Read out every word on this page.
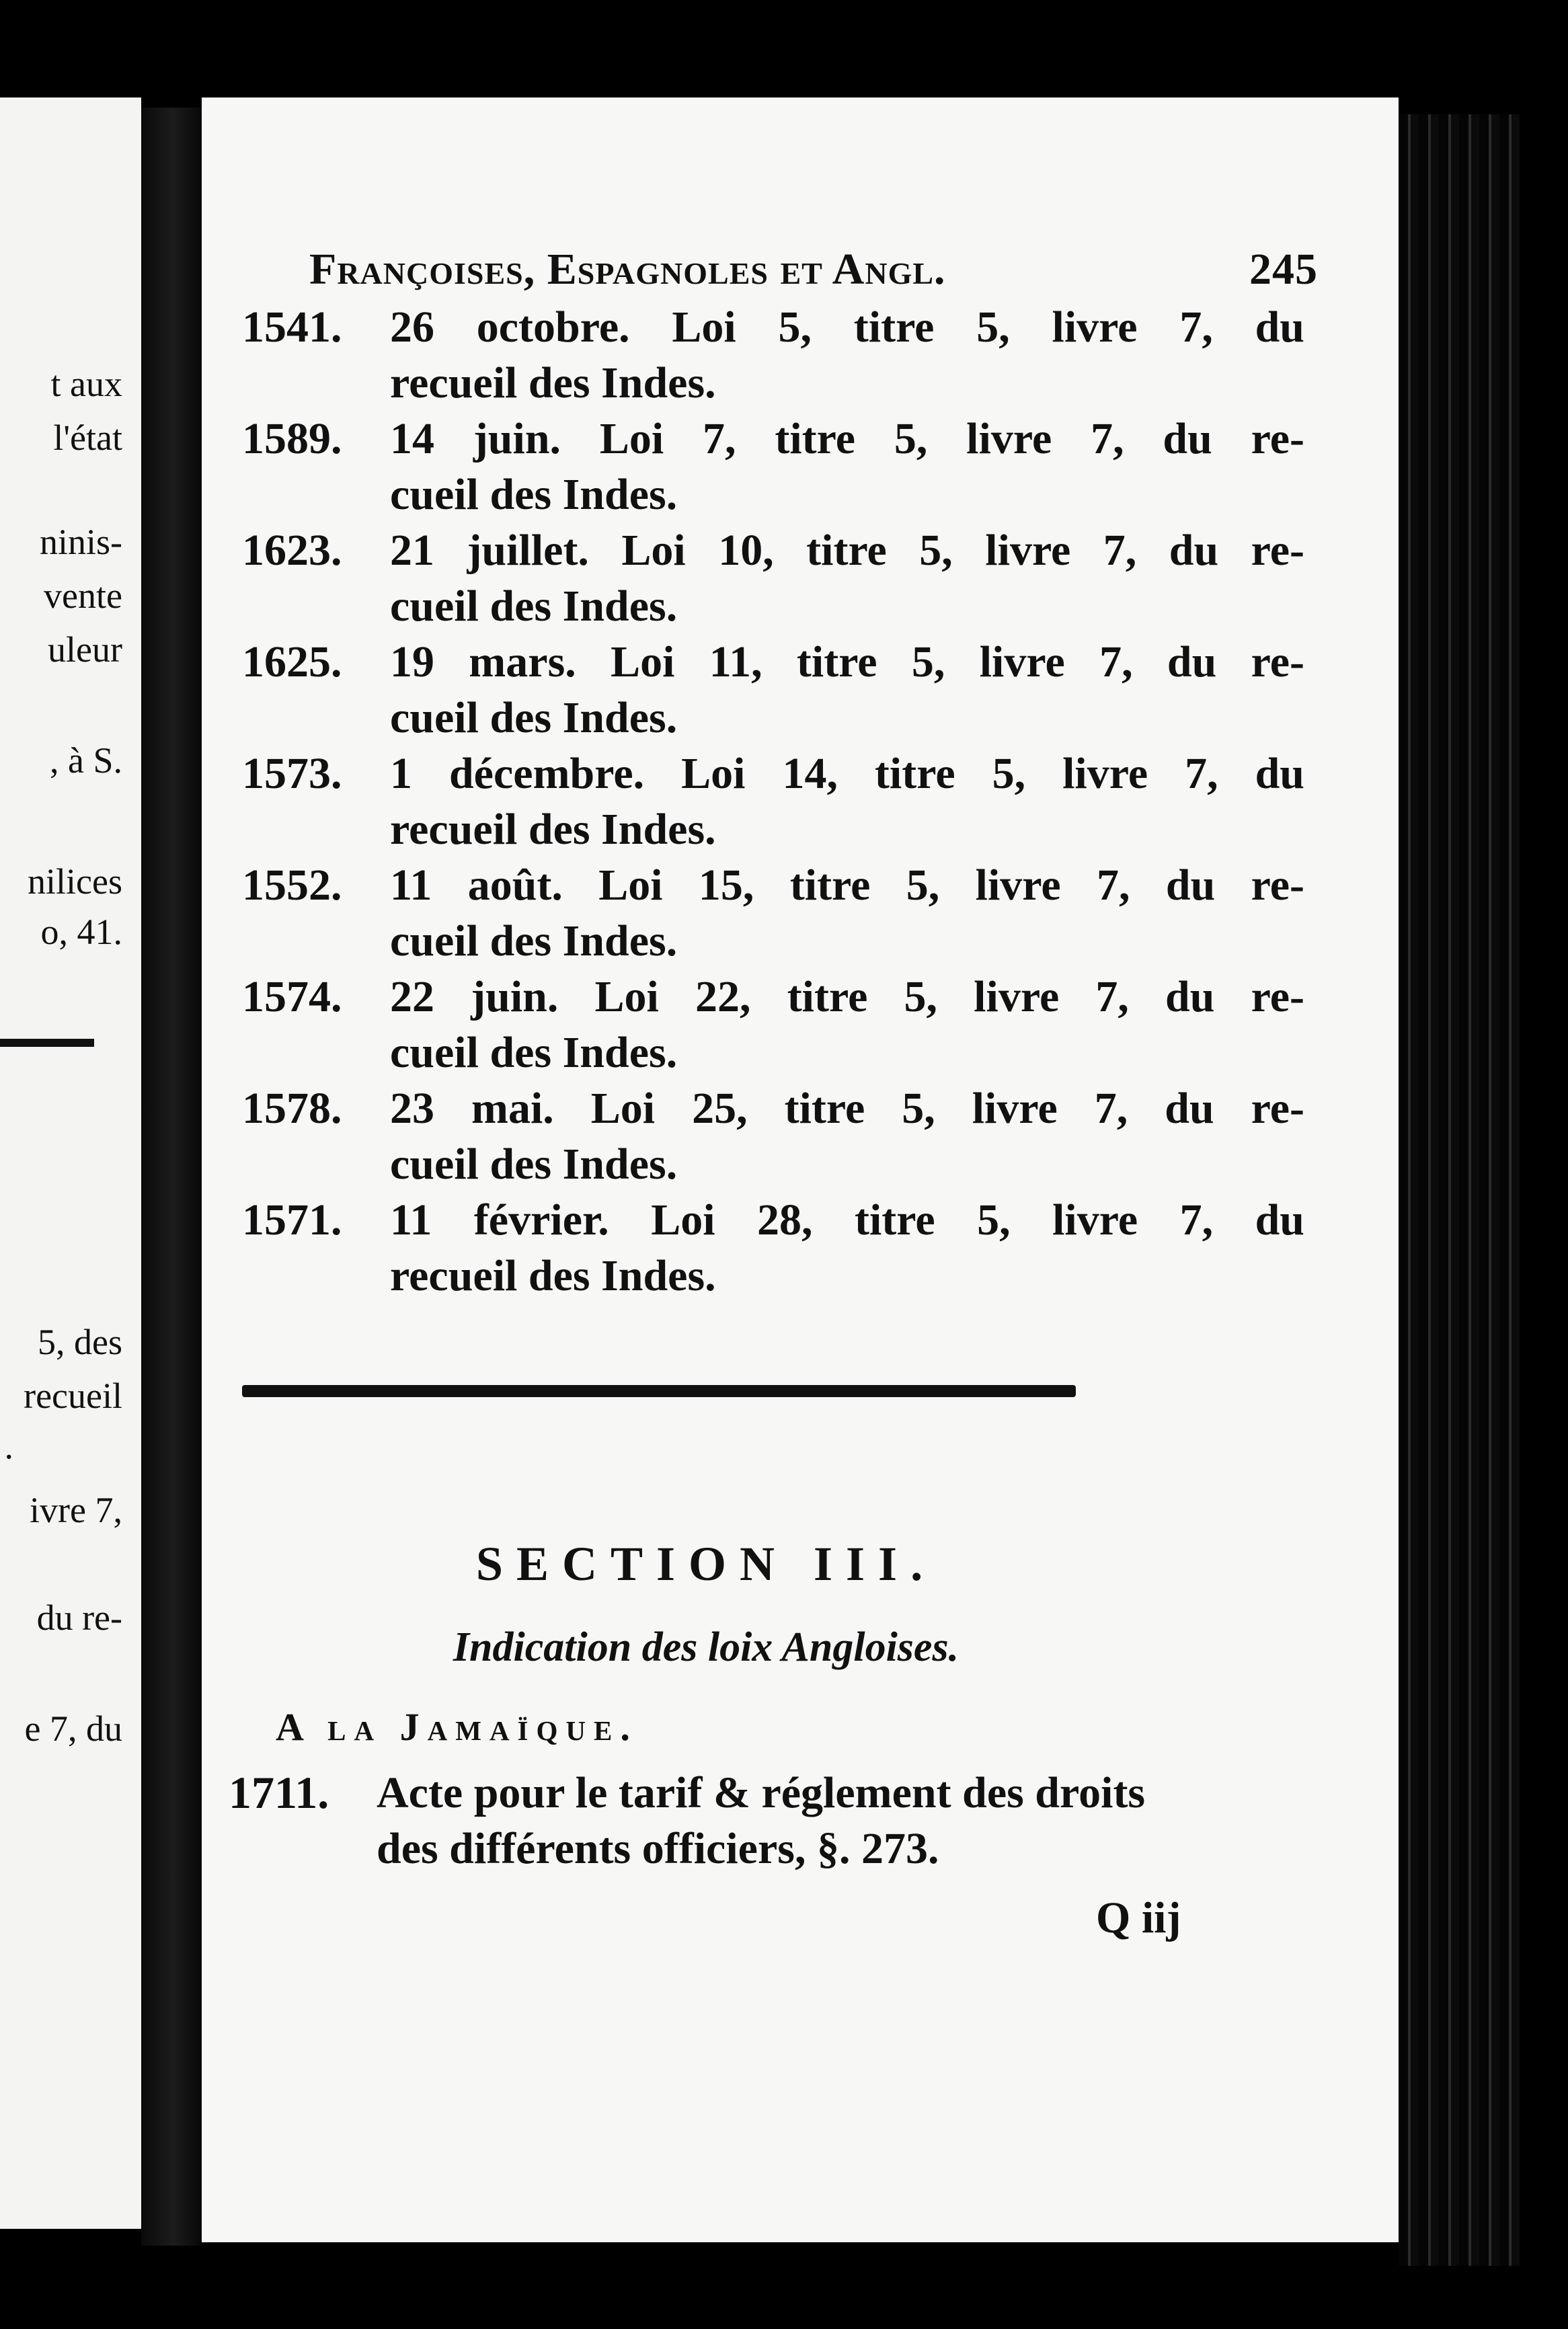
t aux
l'état
ninis-
vente
uleur
, à S.
nilices
o, 41.
5, des
recueil
.
ivre 7,
du re-
e 7, du
Françoises, Espagnoles et Angl.	245
1541.	26 octobre. Loi 5, titre 5, livre 7, du
recueil des Indes.
1589.	14 juin. Loi 7, titre 5, livre 7, du re-
cueil des Indes.
1623.	21 juillet. Loi 10, titre 5, livre 7, du re-
cueil des Indes.
1625.	19 mars. Loi 11, titre 5, livre 7, du re-
cueil des Indes.
1573.	1 décembre. Loi 14, titre 5, livre 7, du
recueil des Indes.
1552.	11 août. Loi 15, titre 5, livre 7, du re-
cueil des Indes.
1574.	22 juin. Loi 22, titre 5, livre 7, du re-
cueil des Indes.
1578.	23 mai. Loi 25, titre 5, livre 7, du re-
cueil des Indes.
1571.	11 février. Loi 28, titre 5, livre 7, du
recueil des Indes.
SECTION III.
Indication des loix Angloises.
A la Jamaïque.
1711. Acte pour le tarif & réglement des droits
des différents officiers, §. 273.
Q iij
